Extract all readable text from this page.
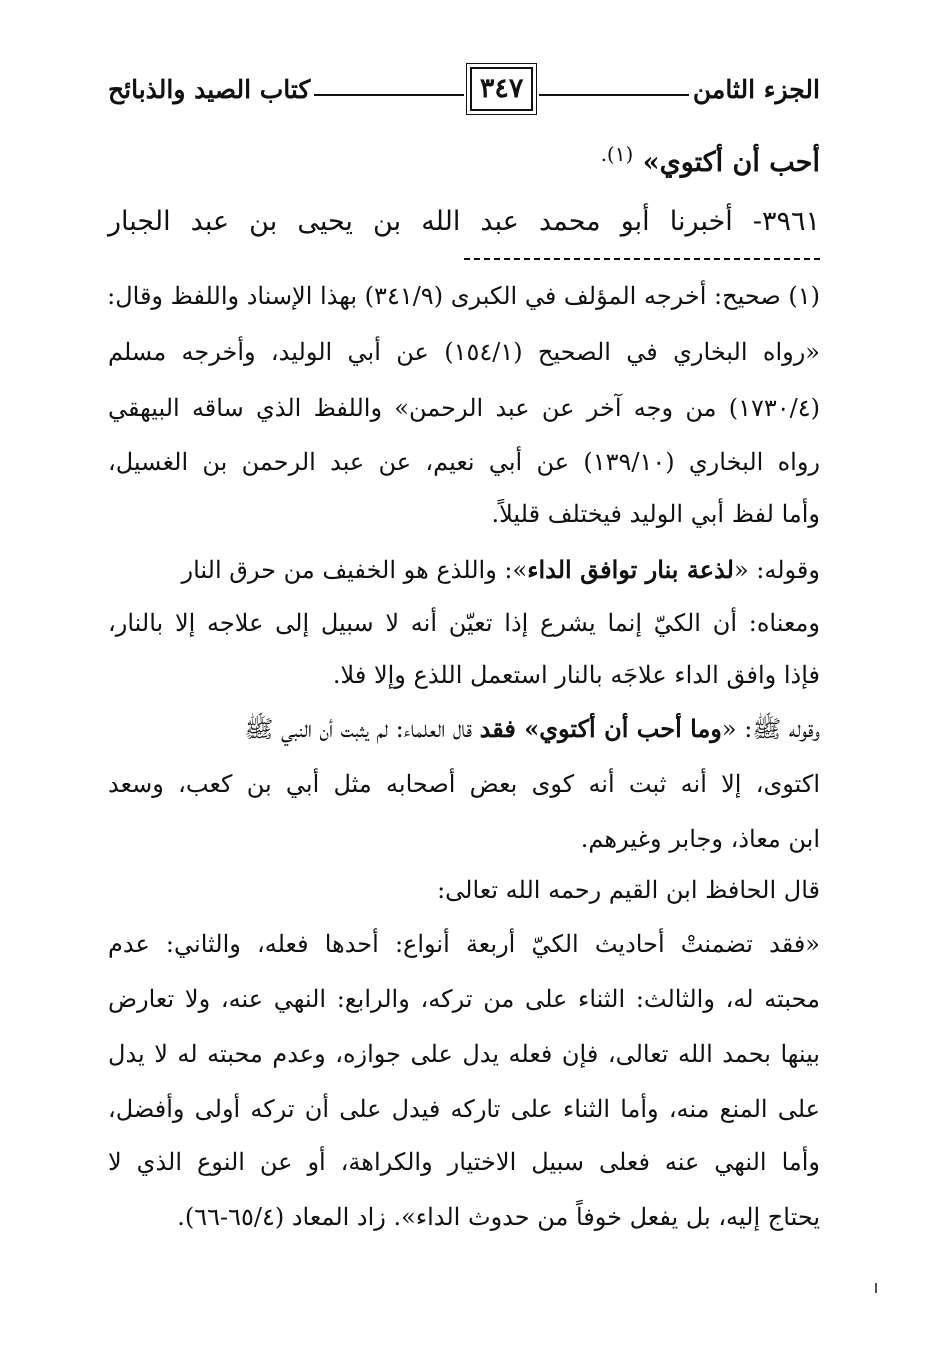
الجزء الثامن
٣٤٧
كتاب الصيد والذبائح
أحب أن أكتوي» $^{(١).}$
٣٩٦١- أخبرنا أبو محمد عبد الله بن يحيى بن عبد الجبار
(١) صحيح: أخرجه المؤلف في الكبرى (٣٤١/٩) بهذا الإسناد واللفظ وقال:
«رواه البخاري في الصحيح (١٥٤/١) عن أبي الوليد، وأخرجه مسلم
(١٧٣٠/٤) من وجه آخر عن عبد الرحمن» واللفظ الذي ساقه البيهقي
رواه البخاري (١٣٩/١٠) عن أبي نعيم، عن عبد الرحمن بن الغسيل،
وأما لفظ أبي الوليد فيختلف قليلاً.
وقوله: «لذعة بنار توافق الداء»: واللذع هو الخفيف من حرق النار
ومعناه: أن الكيّ إنما يشرع إذا تعيّن أنه لا سبيل إلى علاجه إلا بالنار،
فإذا وافق الداء علاجَه بالنار استعمل اللذع وإلا فلا.
وقوله ﷺ: «وما أحب أن أكتوي» فقد قال العلماء: لم يثبت أن النبي ﷺ
اكتوى، إلا أنه ثبت أنه كوى بعض أصحابه مثل أبي بن كعب، وسعد
ابن معاذ، وجابر وغيرهم.
قال الحافظ ابن القيم رحمه الله تعالى:
«فقد تضمنتْ أحاديث الكيّ أربعة أنواع: أحدها فعله، والثاني: عدم
محبته له، والثالث: الثناء على من تركه، والرابع: النهي عنه، ولا تعارض
بينها بحمد الله تعالى، فإن فعله يدل على جوازه، وعدم محبته له لا يدل
على المنع منه، وأما الثناء على تاركه فيدل على أن تركه أولى وأفضل،
وأما النهي عنه فعلى سبيل الاختيار والكراهة، أو عن النوع الذي لا
يحتاج إليه، بل يفعل خوفاً من حدوث الداء». زاد المعاد (٦٥/٤-٦٦).
